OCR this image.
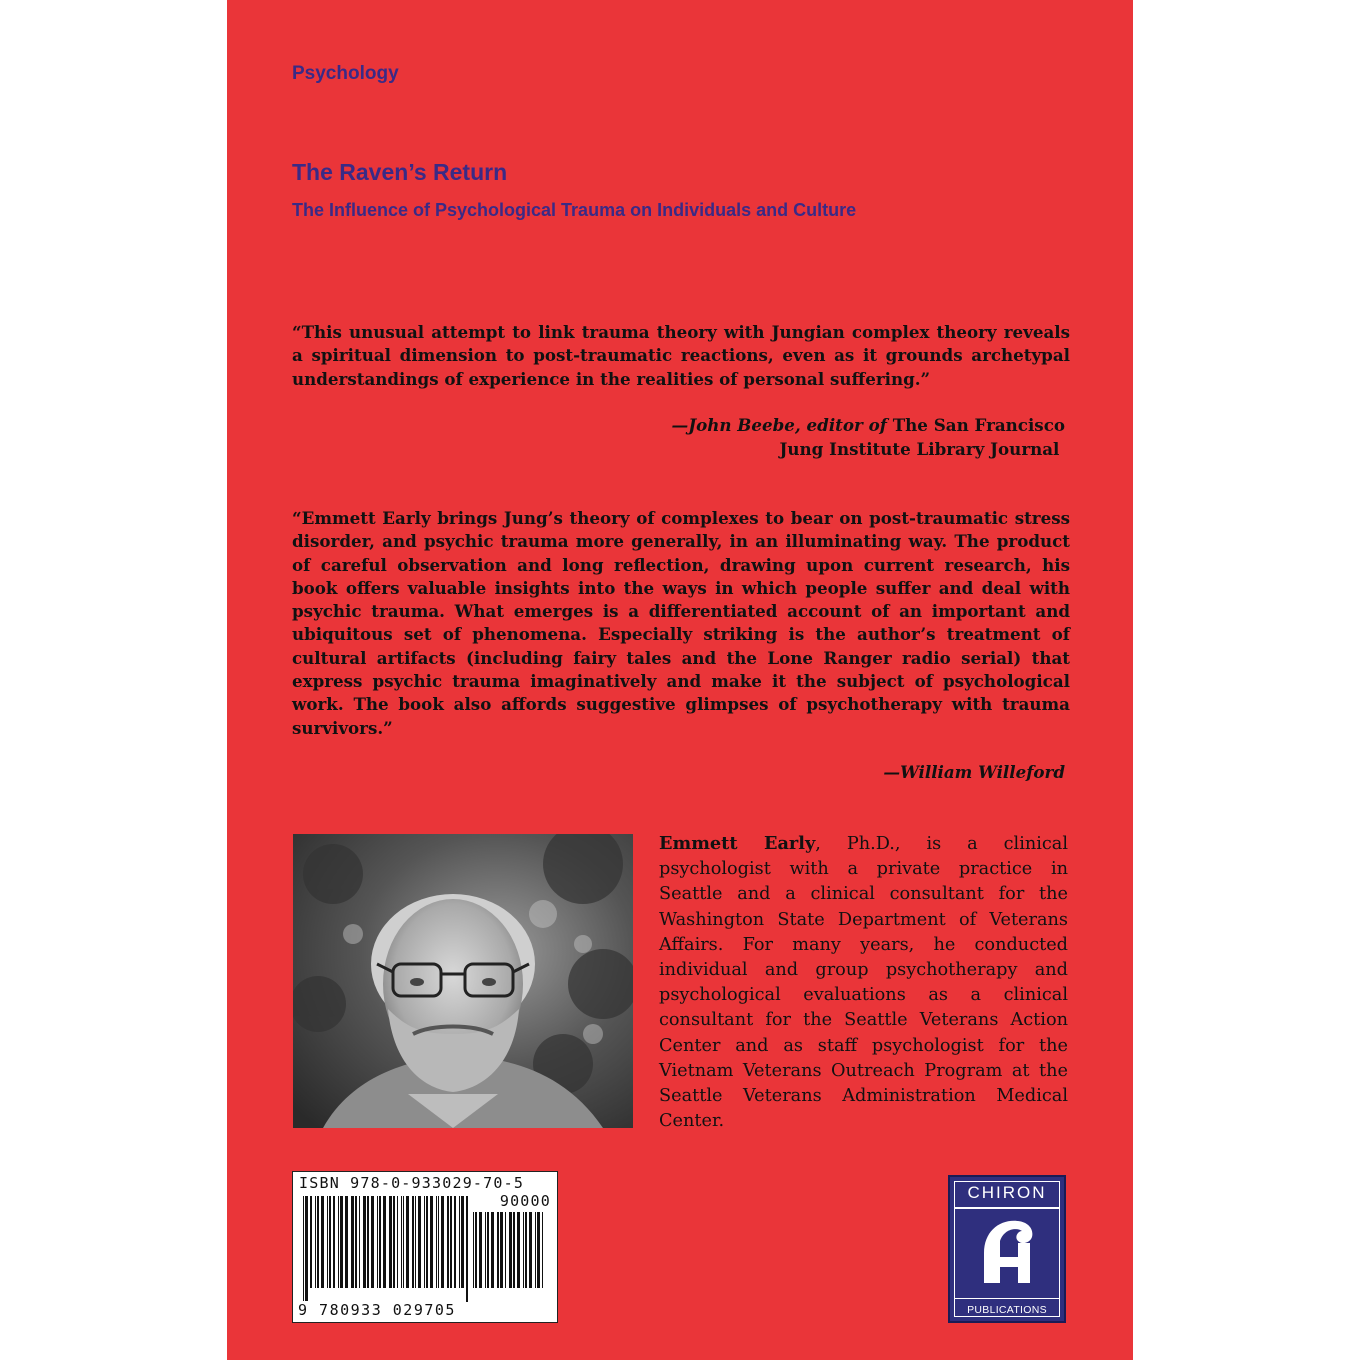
Psychology

The Raven’s Return

The Influence of Psychological Trauma on Individuals and Culture

“This unusual attempt to link trauma theory with Jungian complex theory reveals a spiritual dimension to post-traumatic reactions, even as it grounds archetypal understandings of experience in the realities of personal suffering.”

—John Beebe, editor of The San Francisco
Jung Institute Library Journal

“Emmett Early brings Jung’s theory of complexes to bear on post-traumatic stress disorder, and psychic trauma more generally, in an illuminating way. The product of careful observation and long reflection, drawing upon current research, his book offers valuable insights into the ways in which people suffer and deal with psychic trauma. What emerges is a differentiated account of an important and ubiquitous set of phenomena. Especially striking is the author’s treatment of cultural artifacts (including fairy tales and the Lone Ranger radio serial) that express psychic trauma imaginatively and make it the subject of psychological work. The book also affords suggestive glimpses of psychotherapy with trauma survivors.”

—William Willeford

Emmett Early, Ph.D., is a clinical psychologist with a private practice in Seattle and a clinical consultant for the Washington State Department of Veterans Affairs. For many years, he conducted individual and group psychotherapy and psychological evaluations as a clinical consultant for the Seattle Veterans Action Center and as staff psychologist for the Vietnam Veterans Outreach Program at the Seattle Veterans Administration Medical Center.

ISBN 978-0-933029-70-5

90000

9 780933 029705

CHIRON
PUBLICATIONS
